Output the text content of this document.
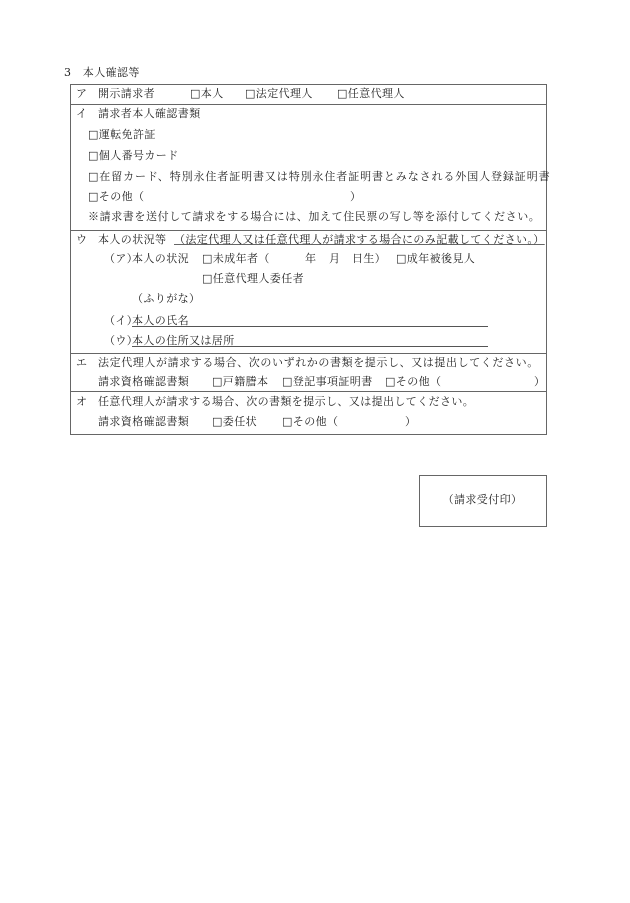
3　本人確認等
ア 開示請求者	□本人 □法定代理人 □任意代理人
イ 請求者本人確認書類
□運転免許証
□個人番号カード
□在留カード、特別永住者証明書又は特別永住者証明書とみなされる外国人登録証明書
□その他（	）
※請求書を送付して請求をする場合には、加えて住民票の写し等を添付してください。
ウ 本人の状況等 （法定代理人又は任意代理人が請求する場合にのみ記載してください。）
（ア）
本人の状況 □未成年者（	年 月 日生） □成年被後見人
□任意代理人委任者
（ふりがな）
（イ）
本人の氏名
（ウ）
本人の住所又は居所
エ 法定代理人が請求する場合、次のいずれかの書類を提示し、又は提出してください。
請求資格確認書類 □戸籍謄本 □登記事項証明書 □その他（	）
オ 任意代理人が請求する場合、次の書類を提示し、又は提出してください。
請求資格確認書類 □委任状 □その他（	）
（請求受付印）
